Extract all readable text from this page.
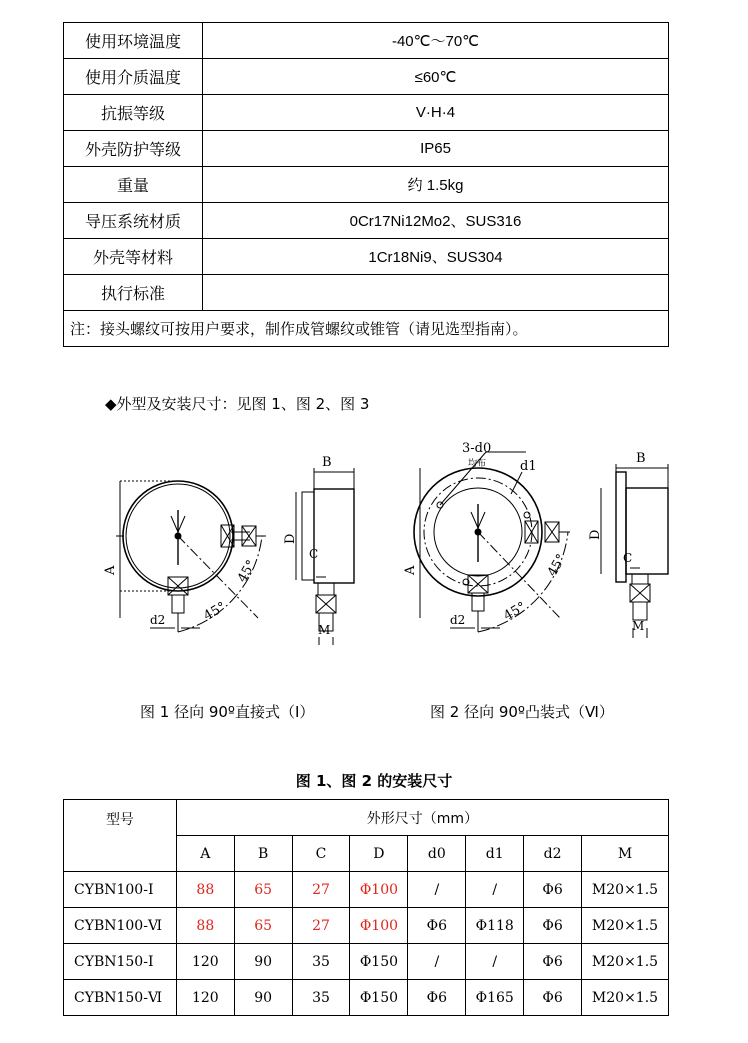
使用环境温度	-40℃～70℃
使用介质温度	≤60℃
抗振等级	V·H·4
外壳防护等级	IP65
重量	约 1.5kg
导压系统材质	0Cr17Ni12Mo2、SUS316
外壳等材料	1Cr18Ni9、SUS304
执行标准	
注：接头螺纹可按用户要求，制作成管螺纹或锥管（请见选型指南）。	
◆外型及安装尺寸：见图 1、图 2、图 3
A
d2	45°
45°
B
D
C
M
3-d0
均布	d1
A
d2	45°
45°
B
D
C
M
图 1 径向 90º直接式（Ⅰ）	图 2 径向 90º凸装式（Ⅵ）
图 1、图 2 的安装尺寸
型号	外形尺寸（mm）							
	A	B	C	D	d0	d1	d2	M
CYBN100-Ⅰ	88	65	27	Φ100	/	/	Φ6	M20×1.5
CYBN100-Ⅵ	88	65	27	Φ100	Φ6	Φ118	Φ6	M20×1.5
CYBN150-Ⅰ	120	90	35	Φ150	/	/	Φ6	M20×1.5
CYBN150-Ⅵ	120	90	35	Φ150	Φ6	Φ165	Φ6	M20×1.5
